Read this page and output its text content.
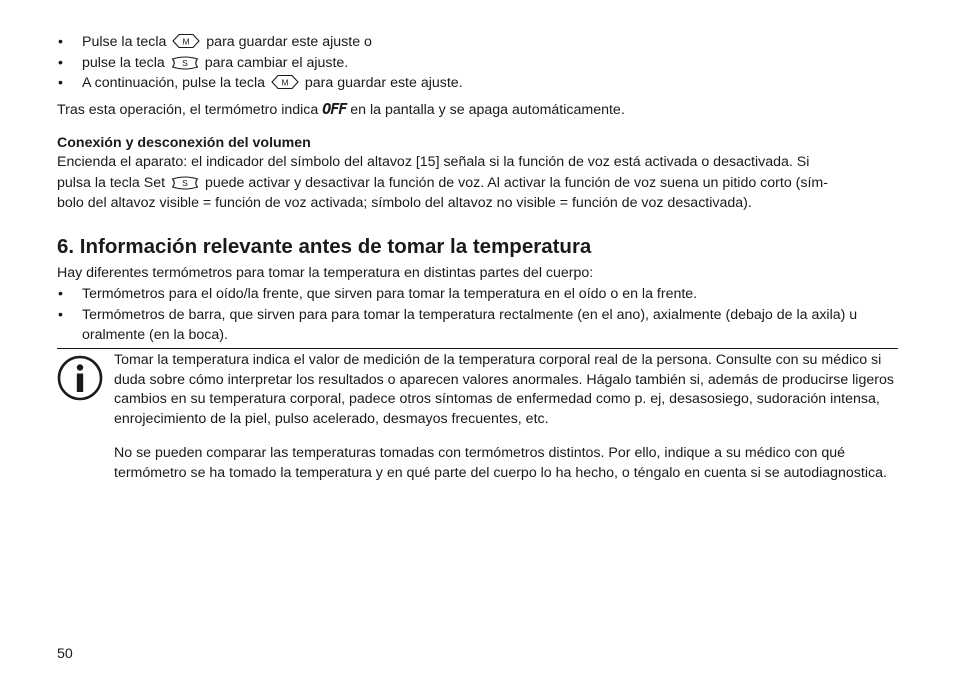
• Pulse la tecla M para guardar este ajuste o
• pulse la tecla S para cambiar el ajuste.
• A continuación, pulse la tecla M para guardar este ajuste.

Tras esta operación, el termómetro indica OFF en la pantalla y se apaga automáticamente.

Conexión y desconexión del volumen
Encienda el aparato: el indicador del símbolo del altavoz [15] señala si la función de voz está activada o desactivada. Si
pulsa la tecla Set S puede activar y desactivar la función de voz. Al activar la función de voz suena un pitido corto (sím-
bolo del altavoz visible = función de voz activada; símbolo del altavoz no visible = función de voz desactivada).
6. Información relevante antes de tomar la temperatura

Hay diferentes termómetros para tomar la temperatura en distintas partes del cuerpo:

• Termómetros para el oído/la frente, que sirven para tomar la temperatura en el oído o en la frente.
• Termómetros de barra, que sirven para para tomar la temperatura rectalmente (en el ano), axialmente (debajo de la axila) u oralmente (en la boca).

Tomar la temperatura indica el valor de medición de la temperatura corporal real de la persona. Consulte con su médico si duda sobre cómo interpretar los resultados o aparecen valores anormales. Hágalo también si, además de producirse ligeros cambios en su temperatura corporal, padece otros síntomas de enfermedad como p. ej, desasosiego, sudoración intensa, enrojecimiento de la piel, pulso acelerado, desmayos frecuentes, etc.

No se pueden comparar las temperaturas tomadas con termómetros distintos. Por ello, indique a su médico con qué termómetro se ha tomado la temperatura y en qué parte del cuerpo lo ha hecho, o téngalo en cuenta si se autodiagnostica.

50
